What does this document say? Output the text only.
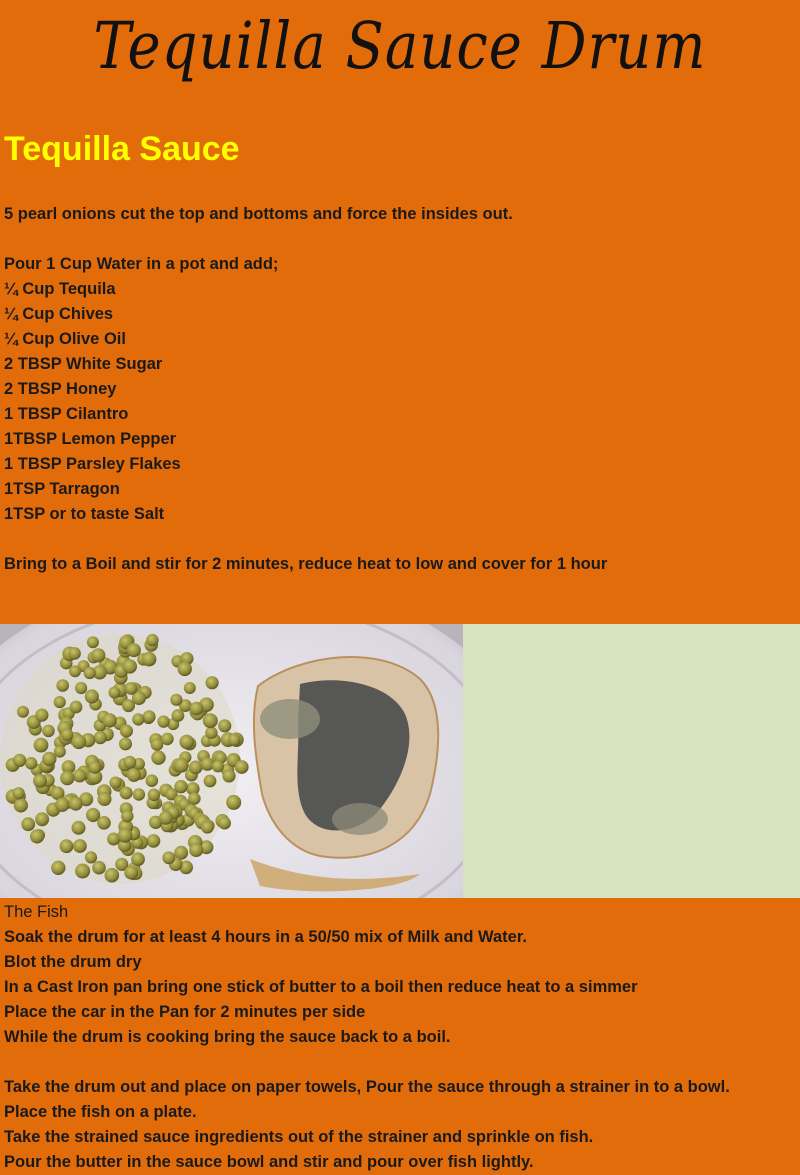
Tequilla Sauce Drum
Tequilla Sauce
5 pearl onions cut the top and bottoms and force the insides out.
Pour 1 Cup Water in a pot and add;
¼ Cup Tequila
¼ Cup Chives
¼ Cup Olive Oil
2 TBSP White Sugar
2 TBSP Honey
1 TBSP Cilantro
1TBSP Lemon Pepper
1 TBSP Parsley Flakes
1TSP Tarragon
1TSP or to taste Salt
Bring to a Boil and stir for 2 minutes, reduce heat to low and cover for 1 hour
The Fish
Soak the drum for at least 4 hours in a 50/50 mix of Milk and Water.
Blot the drum dry
In a Cast Iron pan bring one stick of butter to a boil then reduce heat to a simmer
Place the car in the Pan for 2 minutes per side
While the drum is cooking bring the sauce back to a boil.
Take the drum out and place on paper towels, Pour the sauce through a strainer in to a bowl.
Place the fish on a plate.
Take the strained sauce ingredients out of the strainer and sprinkle on fish.
Pour the butter in the sauce bowl and stir and pour over fish lightly.
